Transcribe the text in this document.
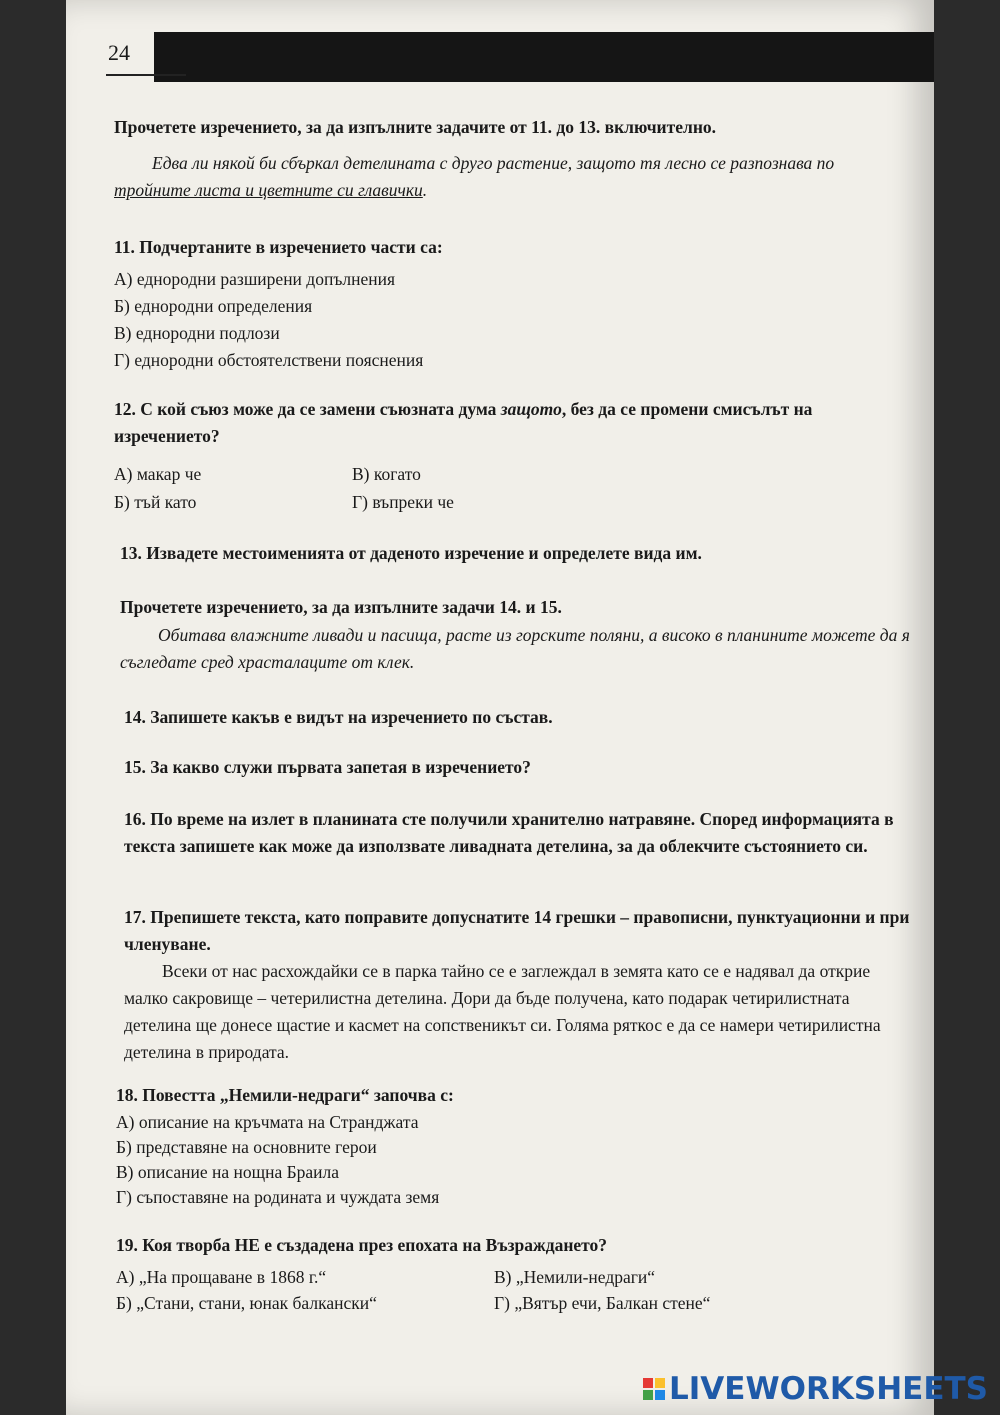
24
Прочетете изречението, за да изпълните задачите от 11. до 13. включително.
Едва ли някой би сбъркал детелината с друго растение, защото тя лесно се разпознава по тройните листа и цветните си главички.
11. Подчертаните в изречението части са:
А) еднородни разширени допълнения
Б) еднородни определения
В) еднородни подлози
Г) еднородни обстоятелствени пояснения
12. С кой съюз може да се замени съюзната дума защото, без да се промени смисълът на изречението?
А) макар че	В) когато
Б) тъй като	Г) въпреки че
13. Извадете местоименията от даденото изречение и определете вида им.
Прочетете изречението, за да изпълните задачи 14. и 15.
Обитава влажните ливади и пасища, расте из горските поляни, а високо в планините можете да я съгледате сред храсталаците от клек.
14. Запишете какъв е видът на изречението по състав.
15. За какво служи първата запетая в изречението?
16. По време на излет в планината сте получили хранително натравяне. Според информацията в текста запишете как може да използвате ливадната детелина, за да облекчите състоянието си.
17. Препишете текста, като поправите допуснатите 14 грешки – правописни, пунктуационни и при членуване.
Всеки от нас расхождайки се в парка тайно се е заглеждал в земята като се е надявал да открие малко сакровище – четерилистна детелина. Дори да бъде получена, като подарак четирилистната детелина ще донесе щастие и касмет на сопственикът си. Голяма ряткос е да се намери четирилистна детелина в природата.
18. Повестта „Немили-недраги“ започва с:
А) описание на кръчмата на Странджата
Б) представяне на основните герои
В) описание на нощна Браила
Г) съпоставяне на родината и чуждата земя
19. Коя творба НЕ е създадена през епохата на Възраждането?
А) „На прощаване в 1868 г.“	В) „Немили-недраги“
Б) „Стани, стани, юнак балкански“	Г) „Вятър ечи, Балкан стене“
LIVEWORKSHEETS
